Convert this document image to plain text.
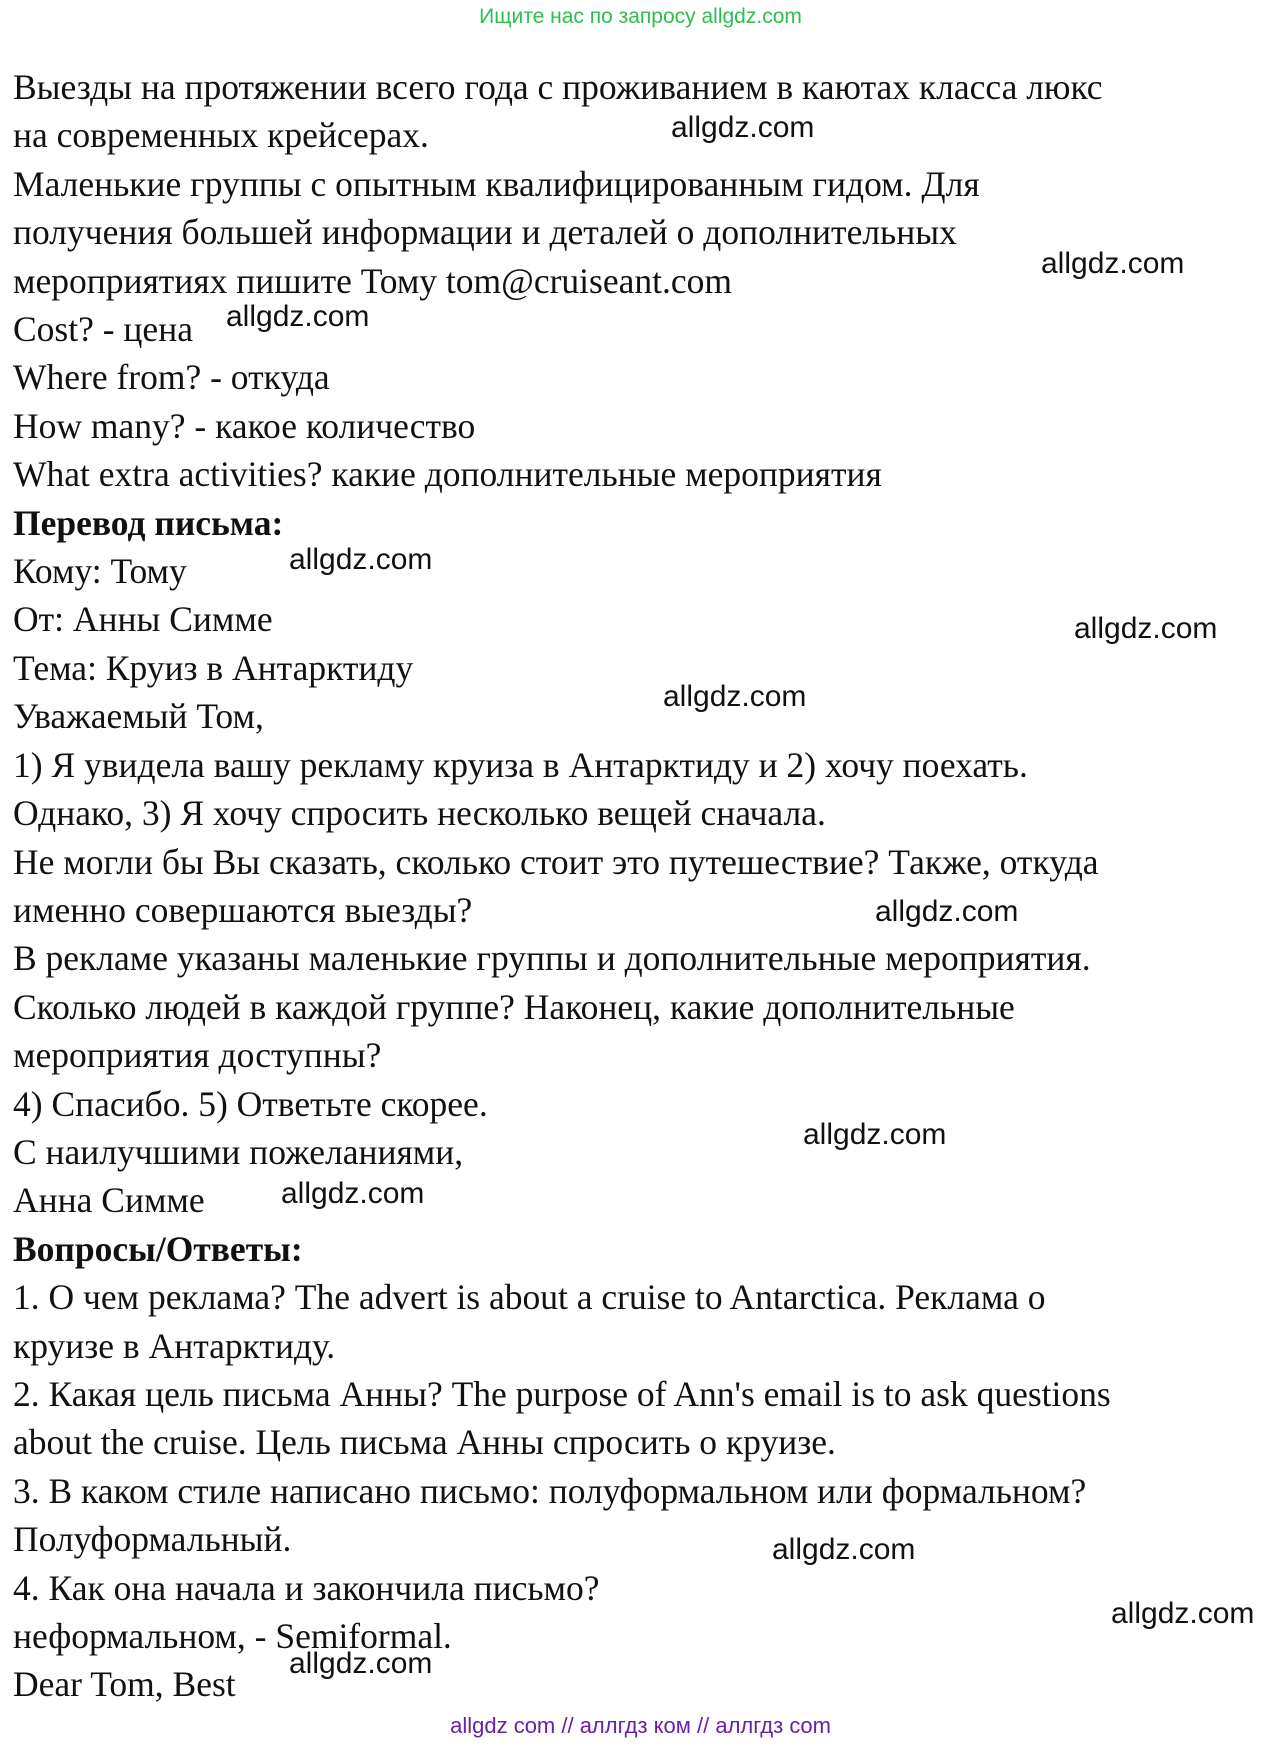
Ищите нас по запросу allgdz.com
Выезды на протяжении всего года с проживанием в каютах класса люкс
на современных крейсерах.
Маленькие группы с опытным квалифицированным гидом. Для
получения большей информации и деталей о дополнительных
мероприятиях пишите Тому tom@cruiseant.com
Cost? - цена
Where from? - откуда
How many? - какое количество
What extra activities? какие дополнительные мероприятия
Перевод письма:
Кому: Тому
От: Анны Симме
Тема: Круиз в Антарктиду
Уважаемый Том,
1) Я увидела вашу рекламу круиза в Антарктиду и 2) хочу поехать.
Однако, 3) Я хочу спросить несколько вещей сначала.
Не могли бы Вы сказать, сколько стоит это путешествие? Также, откуда
именно совершаются выезды?
В рекламе указаны маленькие группы и дополнительные мероприятия.
Сколько людей в каждой группе? Наконец, какие дополнительные
мероприятия доступны?
4) Спасибо. 5) Ответьте скорее.
С наилучшими пожеланиями,
Анна Симме
Вопросы/Ответы:
1. О чем реклама? The advert is about a cruise to Antarctica. Реклама о
круизе в Антарктиду.
2. Какая цель письма Анны? The purpose of Ann's email is to ask questions
about the cruise. Цель письма Анны спросить о круизе.
3. В каком стиле написано письмо: полуформальном или формальном?
Полуформальный.
4. Как она начала и закончила письмо?
неформальном, - Semiformal.
Dear Tom, Best
allgdz.com
allgdz.com
allgdz.com
allgdz.com
allgdz.com
allgdz.com
allgdz.com
allgdz.com
allgdz.com
allgdz.com
allgdz.com
allgdz.com
allgdz com // аллгдз ком // аллгдз com
